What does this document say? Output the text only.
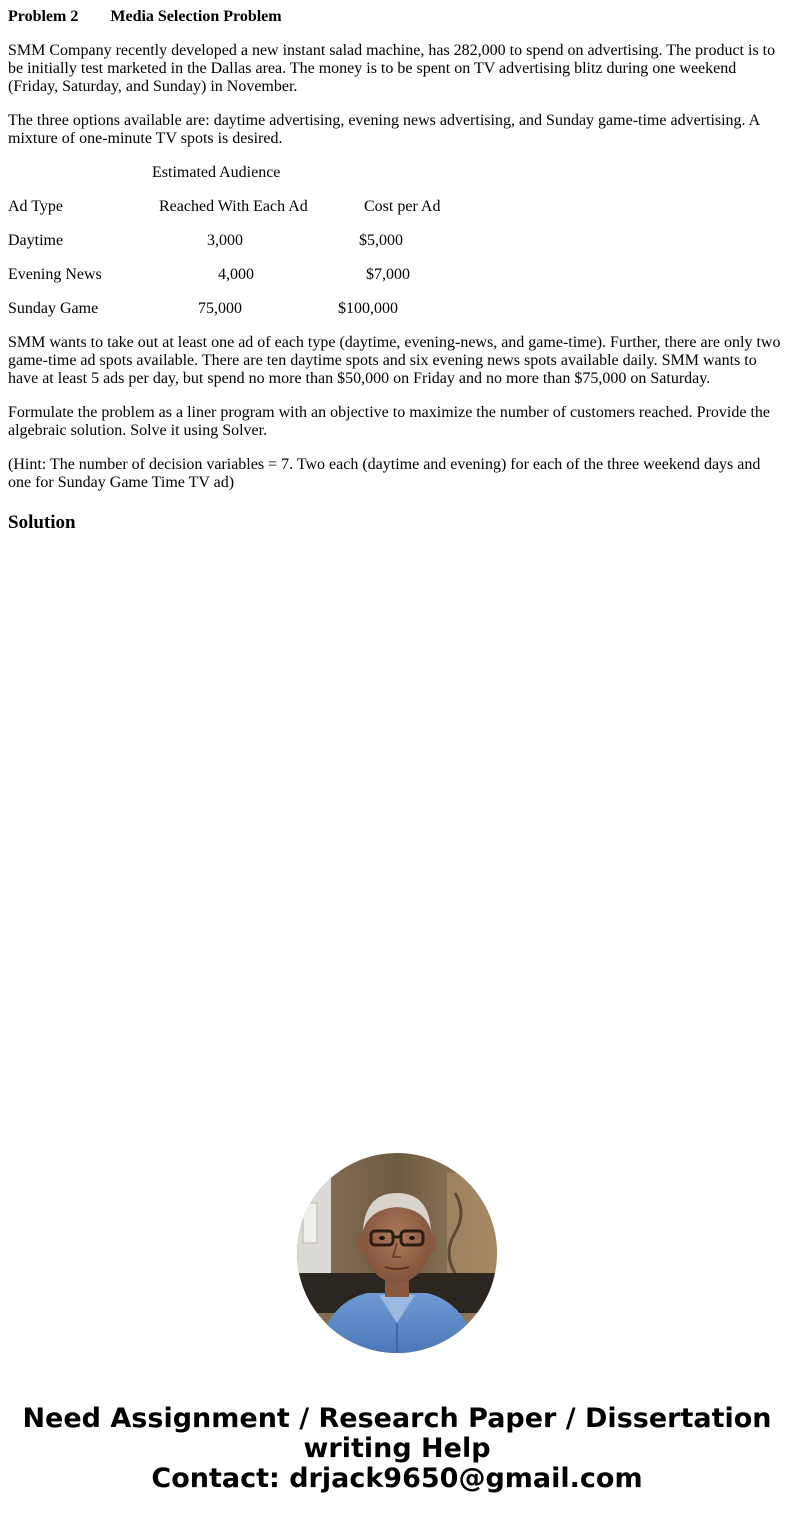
Problem 2 Media Selection Problem

SMM Company recently developed a new instant salad machine, has 282,000 to spend on advertising. The product is to be initially test marketed in the Dallas area. The money is to be spent on TV advertising blitz during one weekend (Friday, Saturday, and Sunday) in November.

The three options available are: daytime advertising, evening news advertising, and Sunday game-time advertising. A mixture of one-minute TV spots is desired.

Estimated Audience
Ad Type	Reached With Each Ad	Cost per Ad
Daytime	3,000	$5,000
Evening News	4,000	$7,000
Sunday Game	75,000	$100,000

SMM wants to take out at least one ad of each type (daytime, evening-news, and game-time). Further, there are only two game-time ad spots available. There are ten daytime spots and six evening news spots available daily. SMM wants to have at least 5 ads per day, but spend no more than $50,000 on Friday and no more than $75,000 on Saturday.

Formulate the problem as a liner program with an objective to maximize the number of customers reached. Provide the algebraic solution. Solve it using Solver.

(Hint: The number of decision variables = 7. Two each (daytime and evening) for each of the three weekend days and one for Sunday Game Time TV ad)

Solution
Need Assignment / Research Paper / Dissertation
writing Help
Contact: drjack9650@gmail.com
